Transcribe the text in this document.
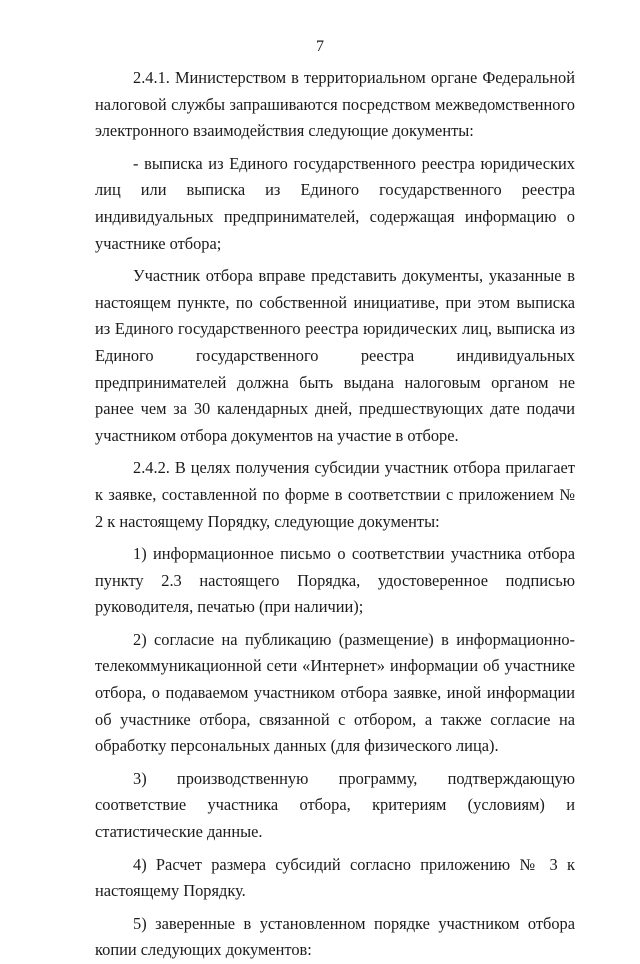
7

2.4.1. Министерством в территориальном органе Федеральной налоговой службы запрашиваются посредством межведомственного электронного взаимодействия следующие документы:

- выписка из Единого государственного реестра юридических лиц или выписка из Единого государственного реестра индивидуальных предпринимателей, содержащая информацию о участнике отбора;

Участник отбора вправе представить документы, указанные в настоящем пункте, по собственной инициативе, при этом выписка из Единого государственного реестра юридических лиц, выписка из Единого государственного реестра индивидуальных предпринимателей должна быть выдана налоговым органом не ранее чем за 30 календарных дней, предшествующих дате подачи участником отбора документов на участие в отборе.

2.4.2. В целях получения субсидии участник отбора прилагает к заявке, составленной по форме в соответствии с приложением № 2 к настоящему Порядку, следующие документы:

1) информационное письмо о соответствии участника отбора пункту 2.3 настоящего Порядка, удостоверенное подписью руководителя, печатью (при наличии);

2) согласие на публикацию (размещение) в информационно-телекоммуникационной сети «Интернет» информации об участнике отбора, о подаваемом участником отбора заявке, иной информации об участнике отбора, связанной с отбором, а также согласие на обработку персональных данных (для физического лица).

3) производственную программу, подтверждающую соответствие участника отбора, критериям (условиям) и статистические данные.

4) Расчет размера субсидий согласно приложению № 3 к настоящему Порядку.

5) заверенные в установленном порядке участником отбора копии следующих документов:
